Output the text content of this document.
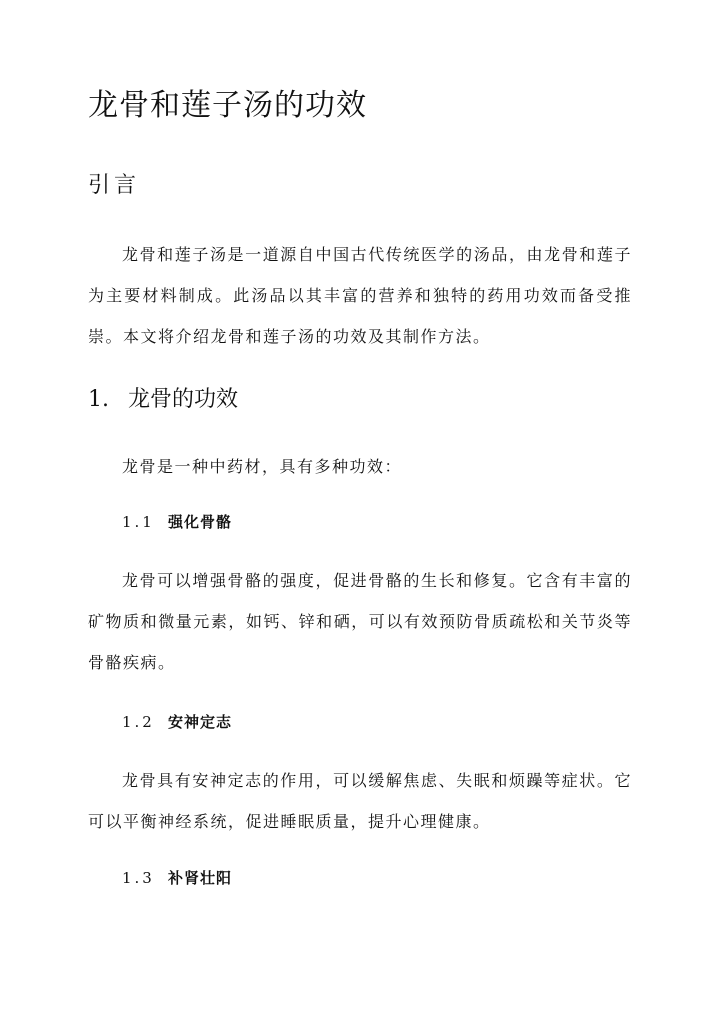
龙骨和莲子汤的功效
引言

龙骨和莲子汤是一道源自中国古代传统医学的汤品，由龙骨和莲子为主要材料制成。此汤品以其丰富的营养和独特的药用功效而备受推崇。本文将介绍龙骨和莲子汤的功效及其制作方法。

1. 龙骨的功效

龙骨是一种中药材，具有多种功效：

1.1 强化骨骼

龙骨可以增强骨骼的强度，促进骨骼的生长和修复。它含有丰富的矿物质和微量元素，如钙、锌和硒，可以有效预防骨质疏松和关节炎等骨骼疾病。

1.2 安神定志

龙骨具有安神定志的作用，可以缓解焦虑、失眠和烦躁等症状。它可以平衡神经系统，促进睡眠质量，提升心理健康。

1.3 补肾壮阳
